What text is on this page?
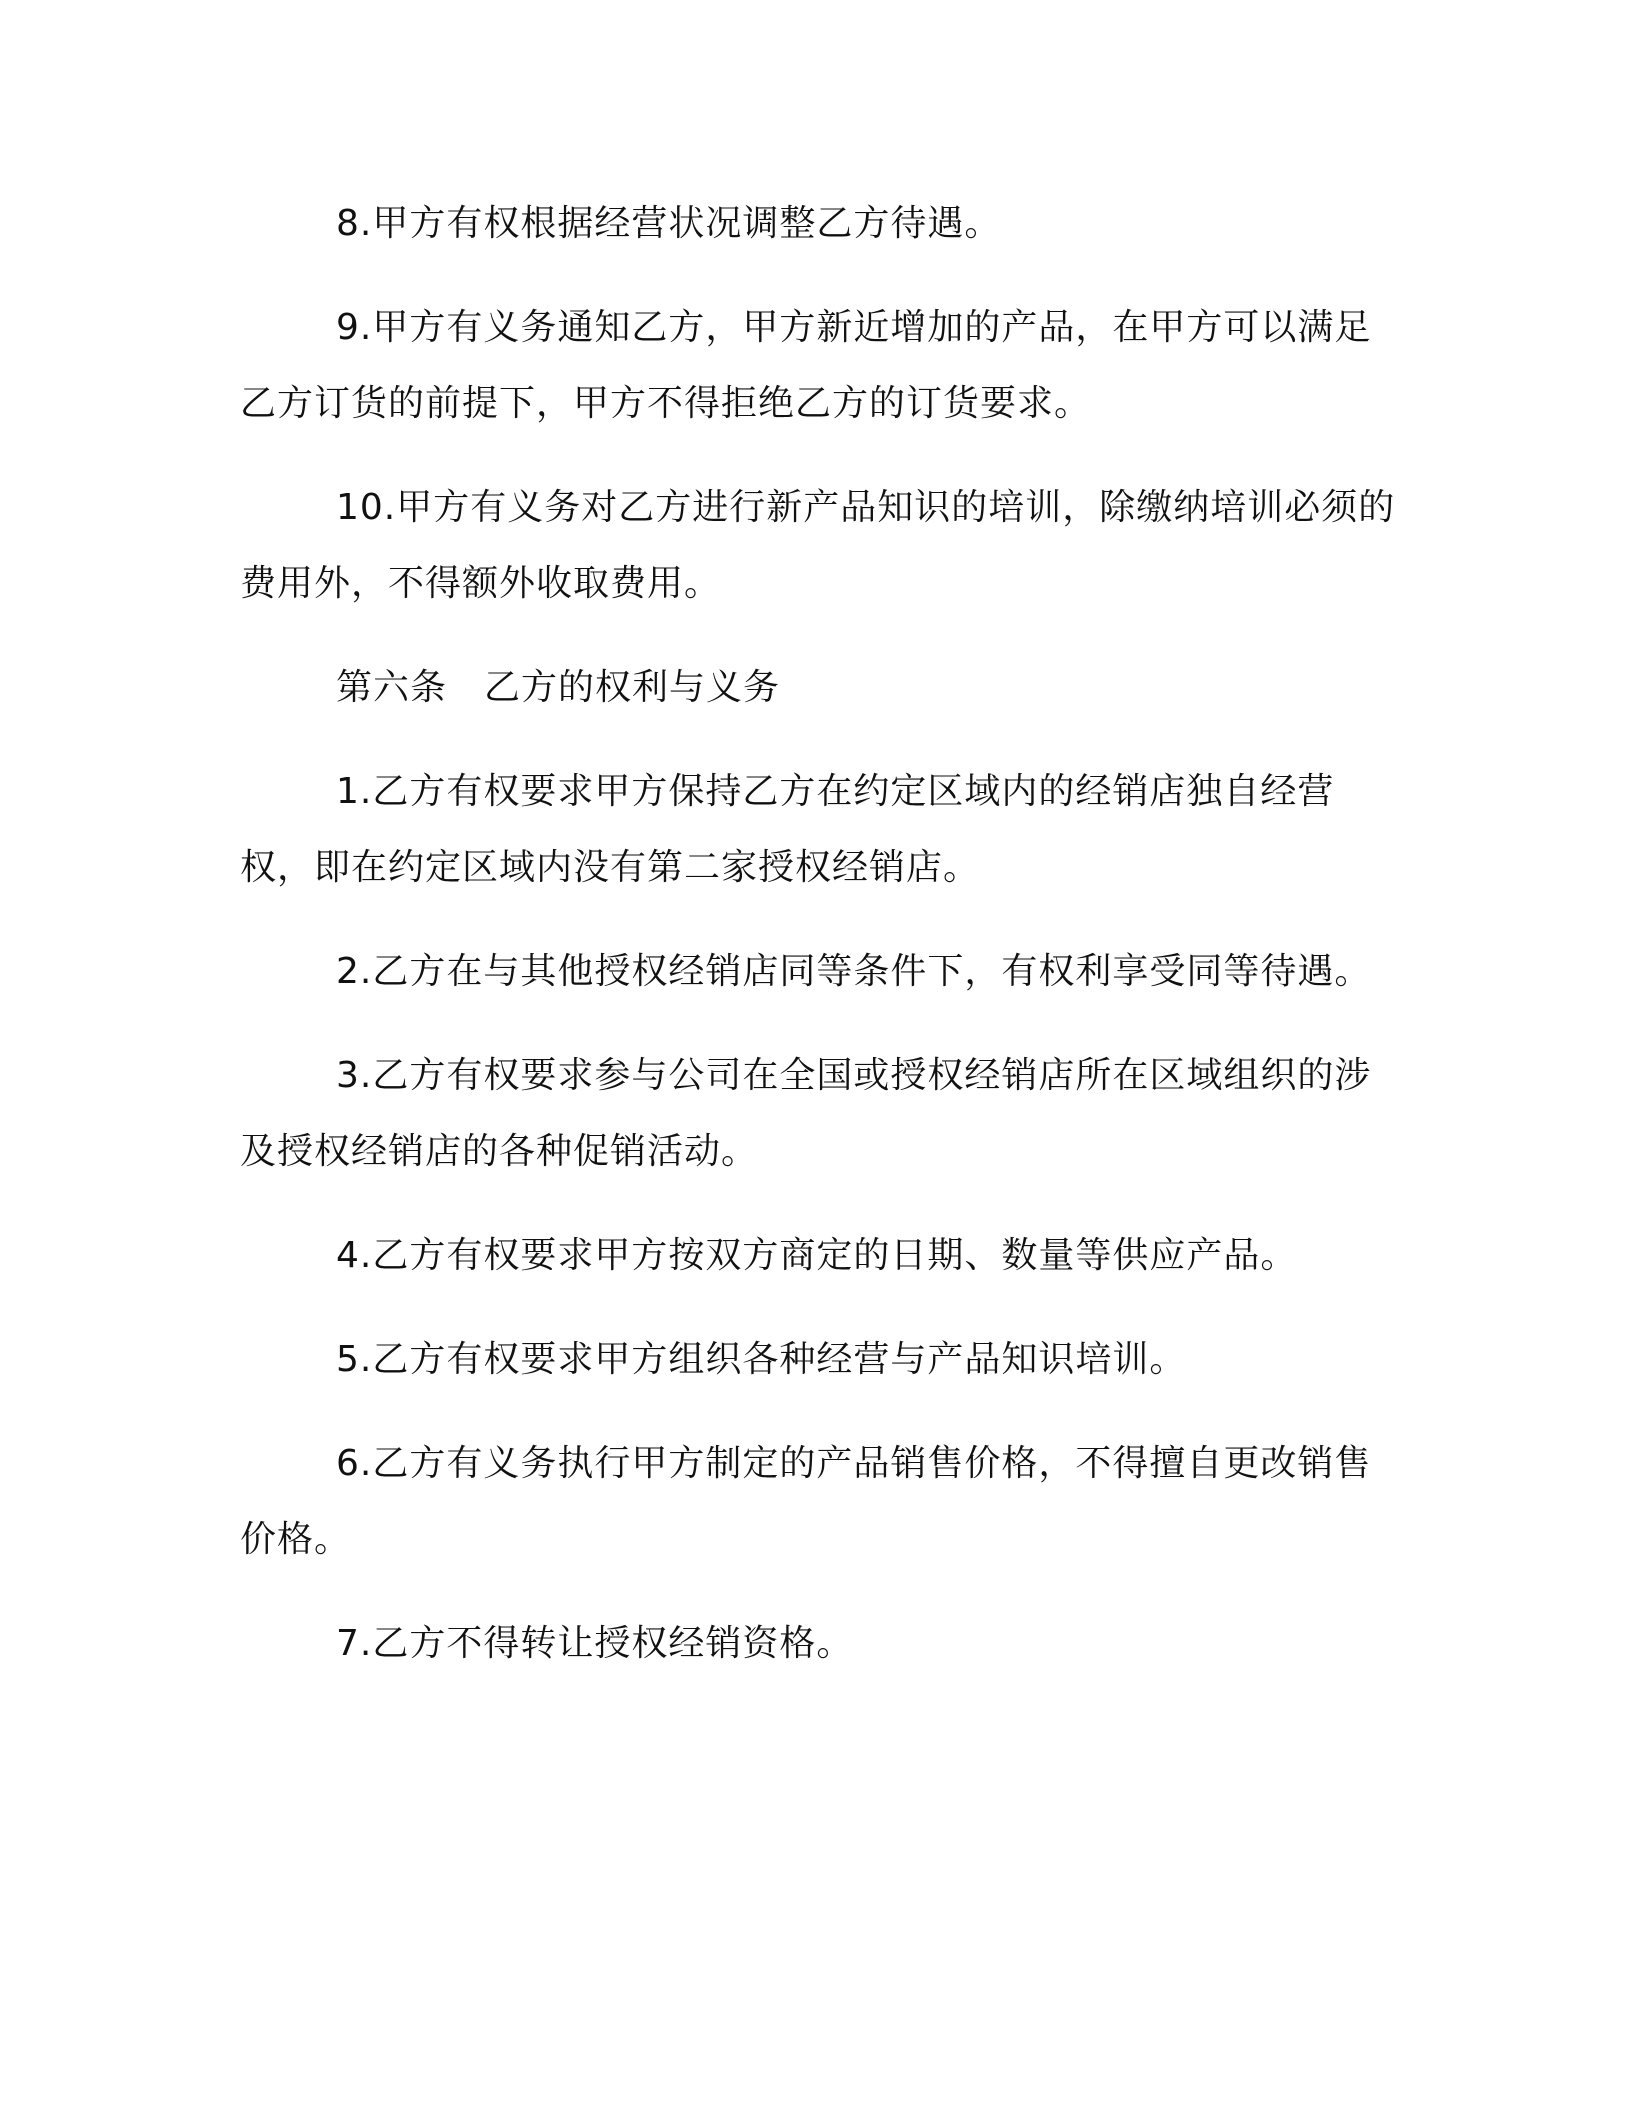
8.甲方有权根据经营状况调整乙方待遇。

9.甲方有义务通知乙方，甲方新近增加的产品，在甲方可以满足乙方订货的前提下，甲方不得拒绝乙方的订货要求。

10.甲方有义务对乙方进行新产品知识的培训，除缴纳培训必须的费用外，不得额外收取费用。

第六条　乙方的权利与义务

1.乙方有权要求甲方保持乙方在约定区域内的经销店独自经营权，即在约定区域内没有第二家授权经销店。

2.乙方在与其他授权经销店同等条件下，有权利享受同等待遇。

3.乙方有权要求参与公司在全国或授权经销店所在区域组织的涉及授权经销店的各种促销活动。

4.乙方有权要求甲方按双方商定的日期、数量等供应产品。

5.乙方有权要求甲方组织各种经营与产品知识培训。

6.乙方有义务执行甲方制定的产品销售价格，不得擅自更改销售价格。

7.乙方不得转让授权经销资格。
